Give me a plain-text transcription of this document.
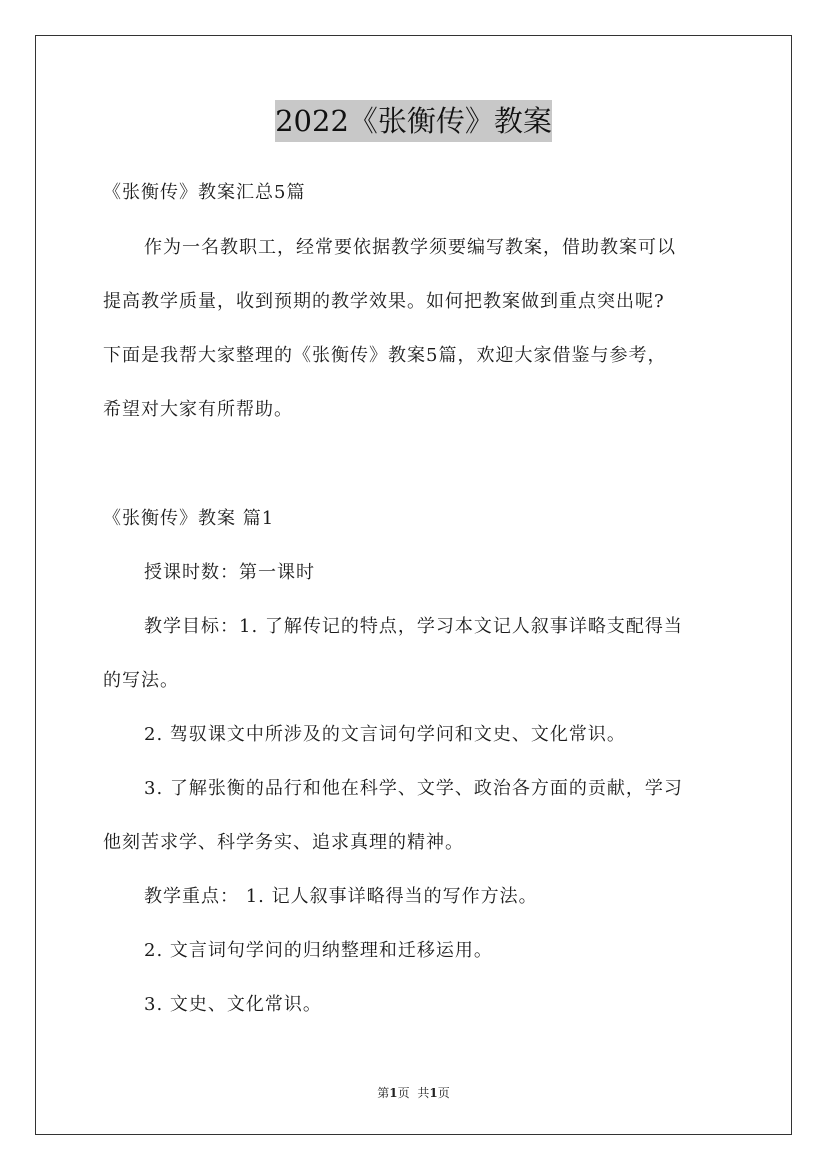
2022《张衡传》教案

《张衡传》教案汇总5篇

作为一名教职工，经常要依据教学须要编写教案，借助教案可以

提高教学质量，收到预期的教学效果。如何把教案做到重点突出呢?

下面是我帮大家整理的《张衡传》教案5篇，欢迎大家借鉴与参考，

希望对大家有所帮助。

《张衡传》教案 篇1

授课时数：第一课时

教学目标：1. 了解传记的特点，学习本文记人叙事详略支配得当

的写法。

2. 驾驭课文中所涉及的文言词句学问和文史、文化常识。

3. 了解张衡的品行和他在科学、文学、政治各方面的贡献，学习

他刻苦求学、科学务实、追求真理的精神。

教学重点： 1. 记人叙事详略得当的写作方法。

2. 文言词句学问的归纳整理和迁移运用。

3. 文史、文化常识。

第1页 共1页
